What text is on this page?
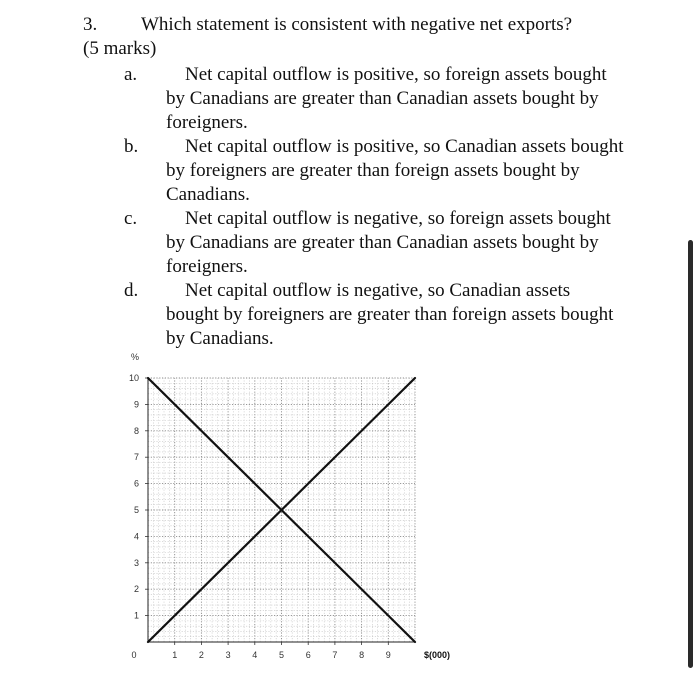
3. Which statement is consistent with negative net exports?
(5 marks)
a.	Net capital outflow is positive, so foreign assets bought by Canadians are greater than Canadian assets bought by foreigners.
b.	Net capital outflow is positive, so Canadian assets bought by foreigners are greater than foreign assets bought by Canadians.
c.	Net capital outflow is negative, so foreign assets bought by Canadians are greater than Canadian assets bought by foreigners.
d.	Net capital outflow is negative, so Canadian assets bought by foreigners are greater than foreign assets bought by Canadians.
1 2 3 4 5 6 7 8 9
1
2
3
4
5
6
7
8
9
10
0
%
$(000)
